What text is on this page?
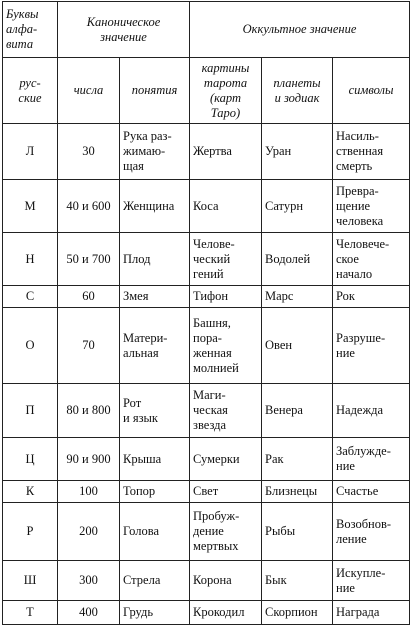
Буквы
алфа-
вита	Каноническое
значение		Оккультное значение		
рус-
ские	числа	понятия	картины
тарота
(карт
Таро)	планеты
и зодиак	символы
Л	30	Рука раз-
жимаю-
щая	Жертва	Уран	Насиль-
ственная
смерть
М	40 и 600	Женщина	Коса	Сатурн	Превра-
щение
человека
Н	50 и 700	Плод	Челове-
ческий
гений	Водолей	Человече-
ское
начало
С	60	Змея	Тифон	Марс	Рок
О	70	Матери-
альная	Башня,
пора-
женная
молнией	Овен	Разруше-
ние
П	80 и 800	Рот
и язык	Маги-
ческая
звезда	Венера	Надежда
Ц	90 и 900	Крыша	Сумерки	Рак	Заблужде-
ние
К	100	Топор	Свет	Близнецы	Счастье
Р	200	Голова	Пробуж-
дение
мертвых	Рыбы	Возобнов-
ление
Ш	300	Стрела	Корона	Бык	Искупле-
ние
Т	400	Грудь	Крокодил	Скорпион	Награда
